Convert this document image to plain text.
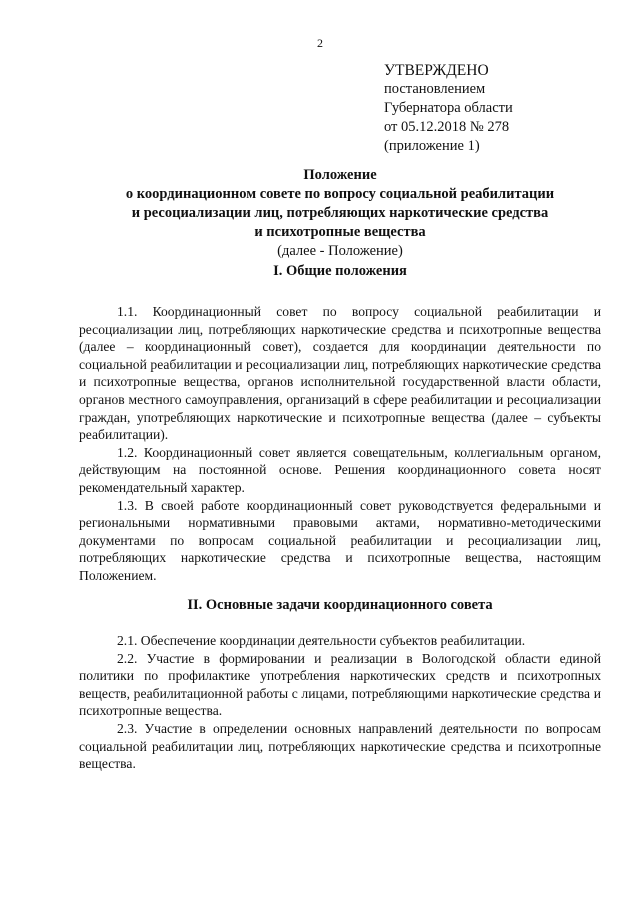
2
УТВЕРЖДЕНО
постановлением
Губернатора области
от 05.12.2018 № 278
(приложение 1)
Положение
о координационном совете по вопросу социальной реабилитации
и ресоциализации лиц, потребляющих наркотические средства
и психотропные вещества
(далее - Положение)
I. Общие положения

1.1. Координационный совет по вопросу социальной реабилитации и ресоциализации лиц, потребляющих наркотические средства и психотропные вещества (далее – координационный совет), создается для координации деятельности по социальной реабилитации и ресоциализации лиц, потребляющих наркотические средства и психотропные вещества, органов исполнительной государственной власти области, органов местного самоуправления, организаций в сфере реабилитации и ресоциализации граждан, употребляющих наркотические и психотропные вещества (далее – субъекты реабилитации).

1.2. Координационный совет является совещательным, коллегиальным органом, действующим на постоянной основе. Решения координационного совета носят рекомендательный характер.

1.3. В своей работе координационный совет руководствуется федеральными и региональными нормативными правовыми актами, нормативно-методическими документами по вопросам социальной реабилитации и ресоциализации лиц, потребляющих наркотические средства и психотропные вещества, настоящим Положением.

II. Основные задачи координационного совета

2.1. Обеспечение координации деятельности субъектов реабилитации.

2.2. Участие в формировании и реализации в Вологодской области единой политики по профилактике употребления наркотических средств и психотропных веществ, реабилитационной работы с лицами, потребляющими наркотические средства и психотропные вещества.

2.3. Участие в определении основных направлений деятельности по вопросам социальной реабилитации лиц, потребляющих наркотические средства и психотропные вещества.
